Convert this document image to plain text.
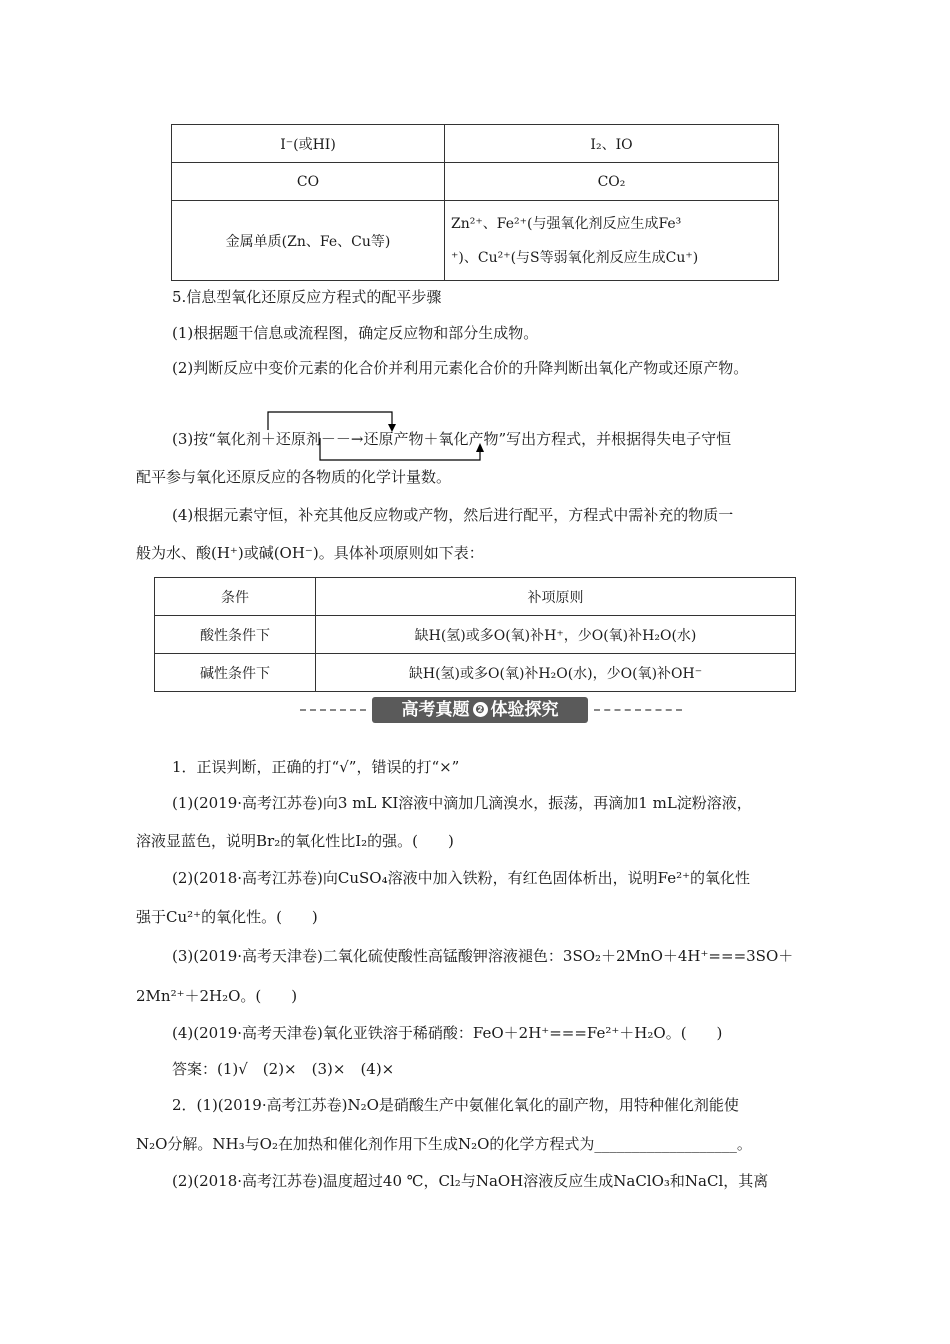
I⁻(或HI)	I₂、IO
CO	CO₂
金属单质(Zn、Fe、Cu等)	Zn²⁺、Fe²⁺(与强氧化剂反应生成Fe³
⁺)、Cu²⁺(与S等弱氧化剂反应生成Cu⁺)
5.信息型氧化还原反应方程式的配平步骤
(1)根据题干信息或流程图，确定反应物和部分生成物。
(2)判断反应中变价元素的化合价并利用元素化合价的升降判断出氧化产物或还原产物。
(3)按“氧化剂＋还原剂－－→还原产物＋氧化产物”写出方程式，并根据得失电子守恒
配平参与氧化还原反应的各物质的化学计量数。
(4)根据元素守恒，补充其他反应物或产物，然后进行配平，方程式中需补充的物质一
般为水、酸(H⁺)或碱(OH⁻)。具体补项原则如下表：
条件	补项原则
酸性条件下	缺H(氢)或多O(氧)补H⁺，少O(氧)补H₂O(水)
碱性条件下	缺H(氢)或多O(氧)补H₂O(水)，少O(氧)补OH⁻
高考真题 ❷ 体验探究
1．正误判断，正确的打“√”，错误的打“×”
(1)(2019·高考江苏卷)向3 mL KI溶液中滴加几滴溴水，振荡，再滴加1 mL淀粉溶液，
溶液显蓝色，说明Br₂的氧化性比I₂的强。(　　)
(2)(2018·高考江苏卷)向CuSO₄溶液中加入铁粉，有红色固体析出，说明Fe²⁺的氧化性
强于Cu²⁺的氧化性。(　　)
(3)(2019·高考天津卷)二氧化硫使酸性高锰酸钾溶液褪色：3SO₂＋2MnO＋4H⁺===3SO＋
2Mn²⁺＋2H₂O。(　　)
(4)(2019·高考天津卷)氧化亚铁溶于稀硝酸：FeO＋2H⁺===Fe²⁺＋H₂O。(　　)
答案：(1)√　(2)×　(3)×　(4)×
2．(1)(2019·高考江苏卷)N₂O是硝酸生产中氨催化氧化的副产物，用特种催化剂能使
N₂O分解。NH₃与O₂在加热和催化剂作用下生成N₂O的化学方程式为___________________。
(2)(2018·高考江苏卷)温度超过40 ℃，Cl₂与NaOH溶液反应生成NaClO₃和NaCl，其离
